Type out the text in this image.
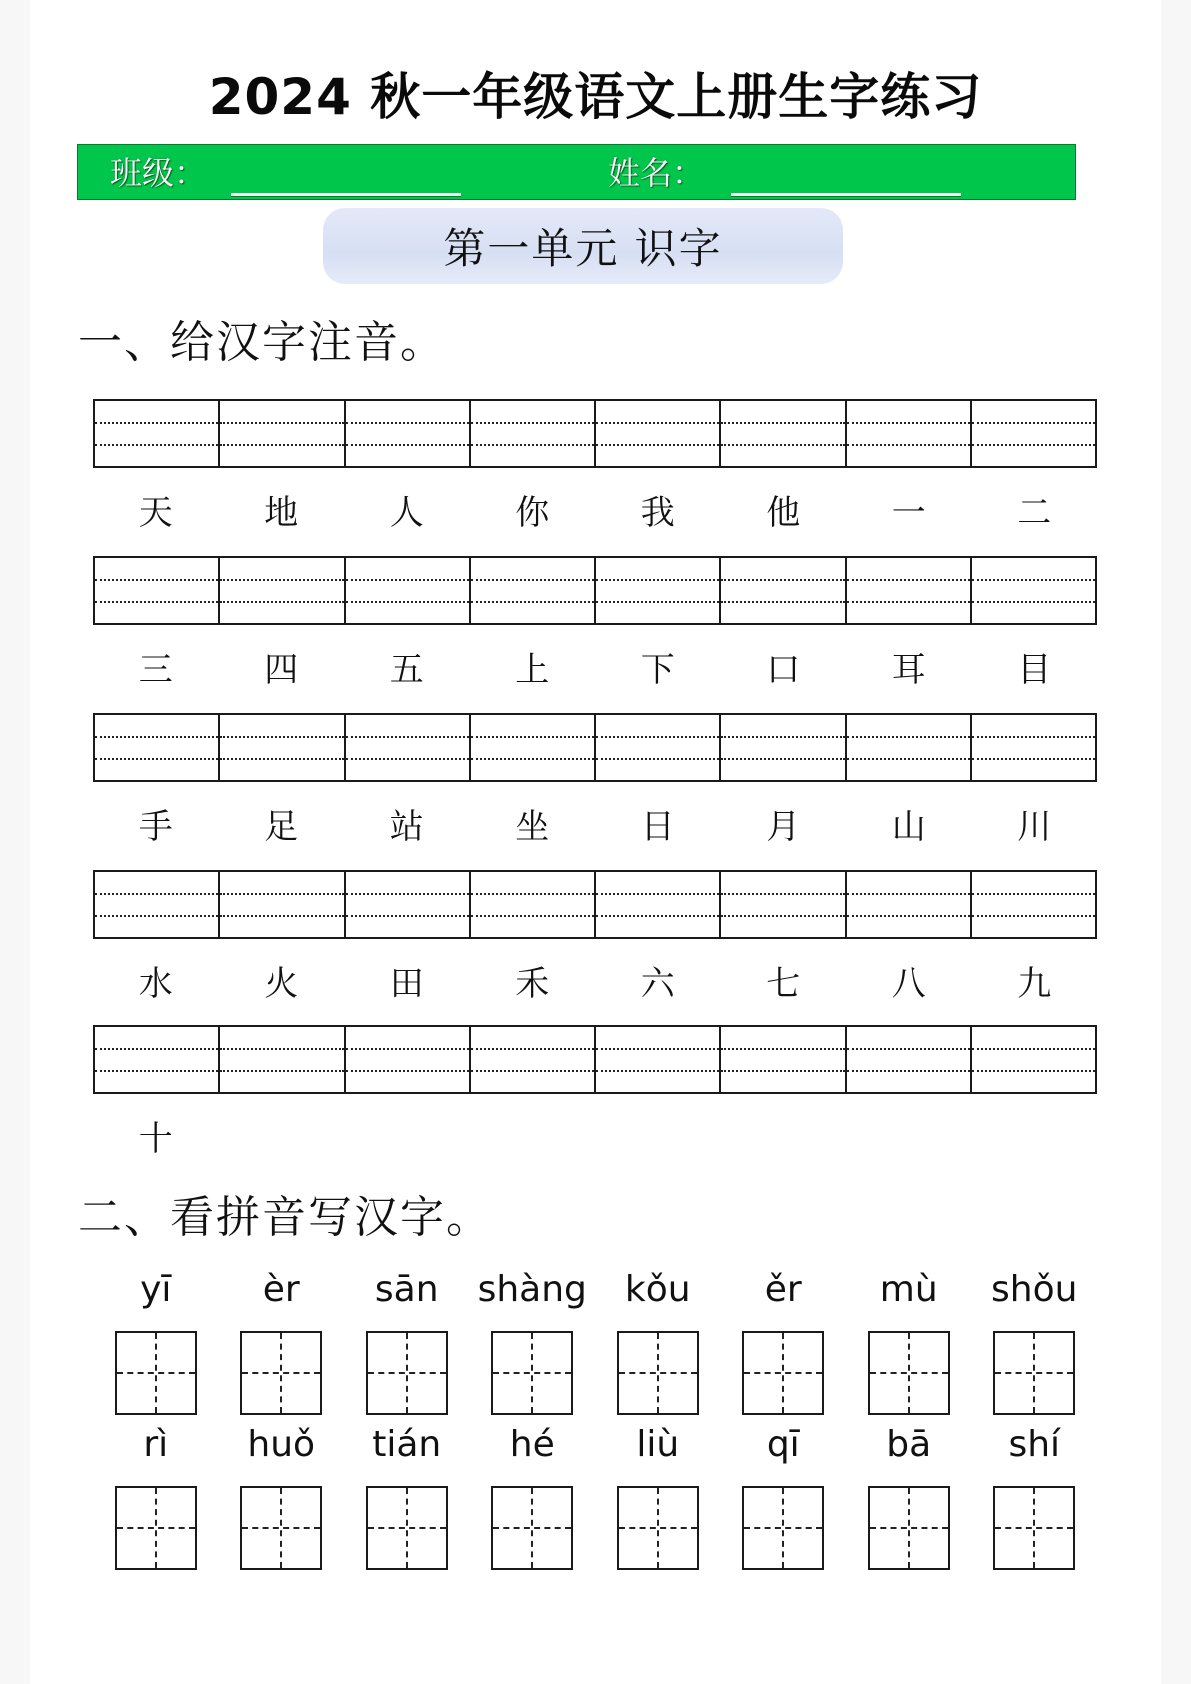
2024 秋一年级语文上册生字练习
班级：	姓名：
第一单元 识字
一、给汉字注音。
天	地	人	你	我	他	一	二
三	四	五	上	下	口	耳	目
手	足	站	坐	日	月	山	川
水	火	田	禾	六	七	八	九
十
二、看拼音写汉字。
yī	èr sān shàng kǒu ěr mù shǒu
rì huǒ tián hé liù qī bā shí
